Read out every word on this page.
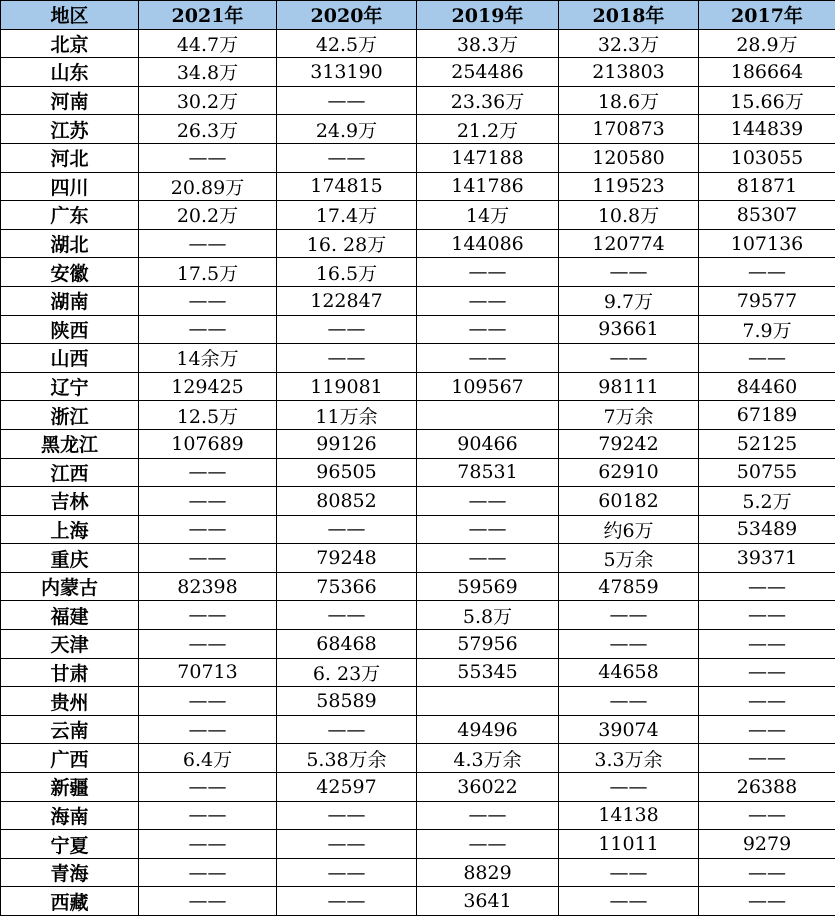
地区	2021年	2020年	2019年	2018年	2017年
北京	44.7万	42.5万	38.3万	32.3万	28.9万
山东	34.8万	313190	254486	213803	186664
河南	30.2万	——	23.36万	18.6万	15.66万
江苏	26.3万	24.9万	21.2万	170873	144839
河北	——	——	147188	120580	103055
四川	20.89万	174815	141786	119523	81871
广东	20.2万	17.4万	14万	10.8万	85307
湖北	——	16. 28万	144086	120774	107136
安徽	17.5万	16.5万	——	——	——
湖南	——	122847	——	9.7万	79577
陕西	——	——	——	93661	7.9万
山西	14余万	——	——	——	——
辽宁	129425	119081	109567	98111	84460
浙江	12.5万	11万余		7万余	67189
黑龙江	107689	99126	90466	79242	52125
江西	——	96505	78531	62910	50755
吉林	——	80852	——	60182	5.2万
上海	——	——	——	约6万	53489
重庆	——	79248	——	5万余	39371
内蒙古	82398	75366	59569	47859	——
福建	——	——	5.8万	——	——
天津	——	68468	57956	——	——
甘肃	70713	6. 23万	55345	44658	——
贵州	——	58589		——	——
云南	——	——	49496	39074	——
广西	6.4万	5.38万余	4.3万余	3.3万余	——
新疆	——	42597	36022	——	26388
海南	——	——	——	14138	——
宁夏	——	——	——	11011	9279
青海	——	——	8829	——	——
西藏	——	——	3641	——	——
